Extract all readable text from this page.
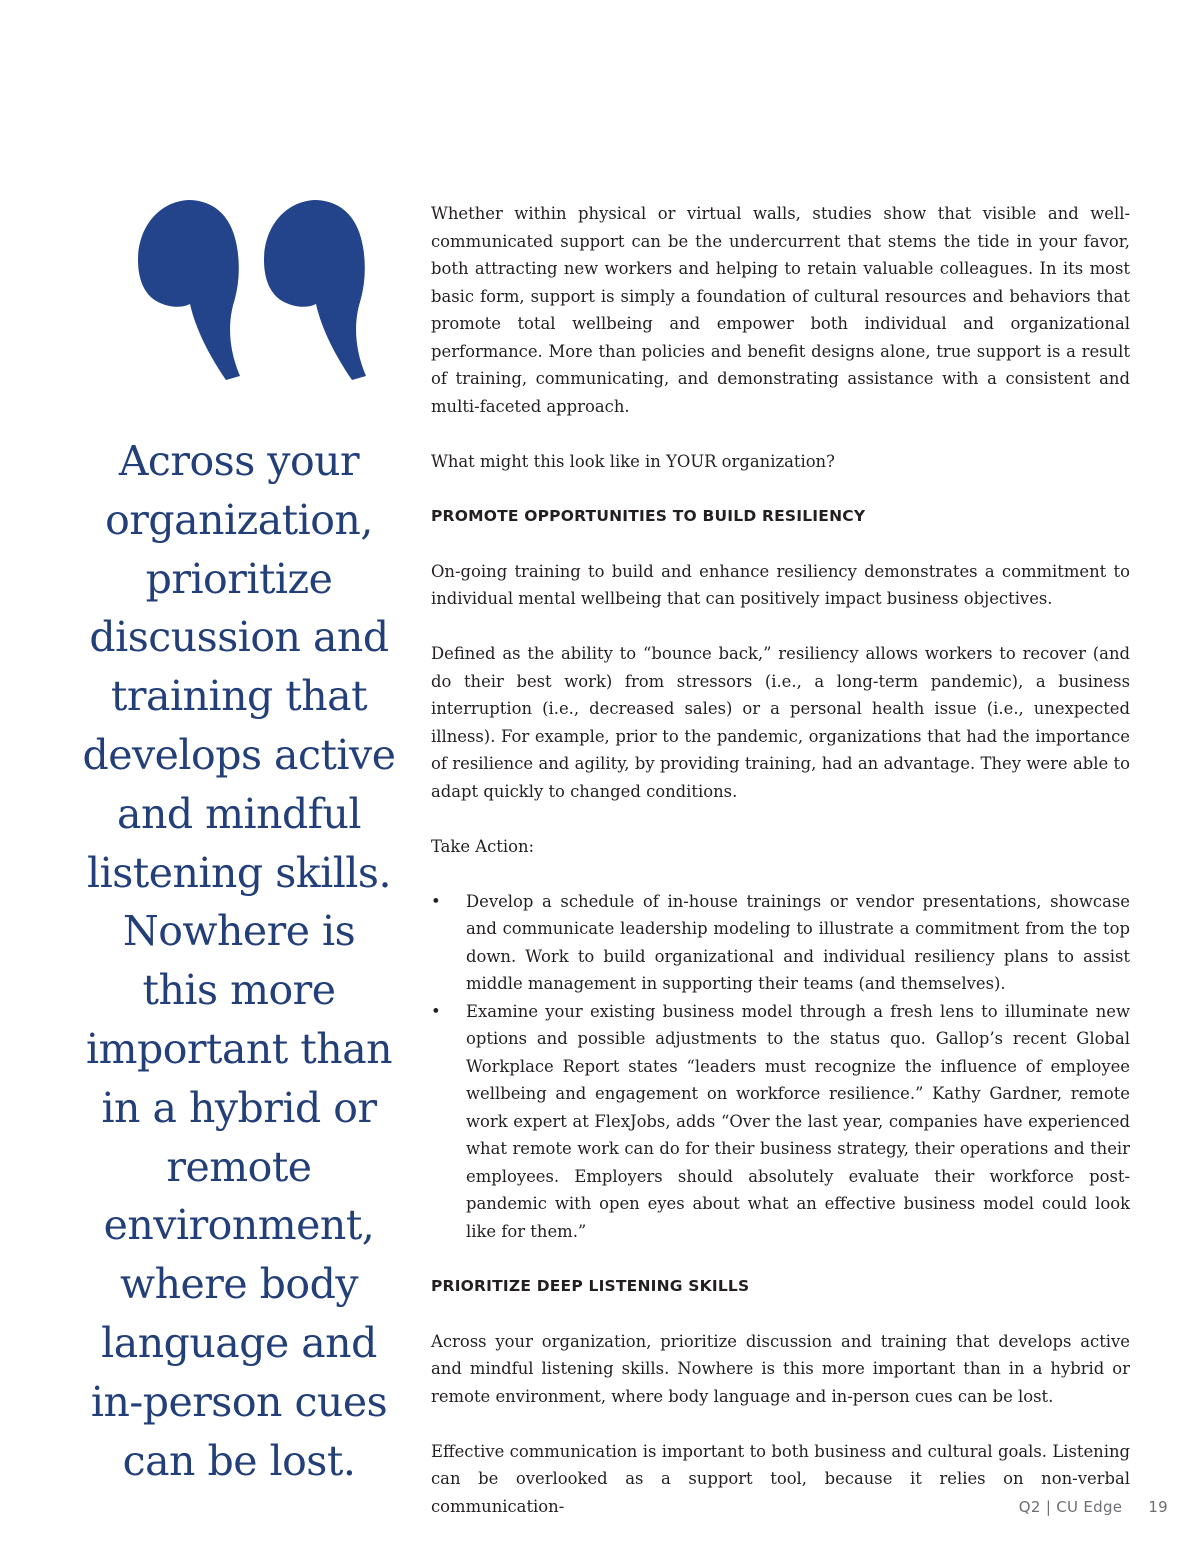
Across your organization, prioritize discussion and training that develops active and mindful listening skills. Nowhere is this more important than in a hybrid or remote environment, where body language and in-person cues can be lost.

Whether within physical or virtual walls, studies show that visible and well-communicated support can be the undercurrent that stems the tide in your favor, both attracting new workers and helping to retain valuable colleagues. In its most basic form, support is simply a foundation of cultural resources and behaviors that promote total wellbeing and empower both individual and organizational performance. More than policies and benefit designs alone, true support is a result of training, communicating, and demonstrating assistance with a consistent and multi-faceted approach.

What might this look like in YOUR organization?

PROMOTE OPPORTUNITIES TO BUILD RESILIENCY

On-going training to build and enhance resiliency demonstrates a commitment to individual mental wellbeing that can positively impact business objectives.

Defined as the ability to “bounce back,” resiliency allows workers to recover (and do their best work) from stressors (i.e., a long-term pandemic), a business interruption (i.e., decreased sales) or a personal health issue (i.e., unexpected illness). For example, prior to the pandemic, organizations that had the importance of resilience and agility, by providing training, had an advantage. They were able to adapt quickly to changed conditions.

Take Action:

• Develop a schedule of in-house trainings or vendor presentations, showcase and communicate leadership modeling to illustrate a commitment from the top down. Work to build organizational and individual resiliency plans to assist middle management in supporting their teams (and themselves).
• Examine your existing business model through a fresh lens to illuminate new options and possible adjustments to the status quo. Gallop’s recent Global Workplace Report states “leaders must recognize the influence of employee wellbeing and engagement on workforce resilience.” Kathy Gardner, remote work expert at FlexJobs, adds “Over the last year, companies have experienced what remote work can do for their business strategy, their operations and their employees. Employers should absolutely evaluate their workforce post-pandemic with open eyes about what an effective business model could look like for them.”
PRIORITIZE DEEP LISTENING SKILLS

Across your organization, prioritize discussion and training that develops active and mindful listening skills. Nowhere is this more important than in a hybrid or remote environment, where body language and in-person cues can be lost.

Effective communication is important to both business and cultural goals. Listening can be overlooked as a support tool, because it relies on non-verbal communication-	Q2 | CU Edge 19
